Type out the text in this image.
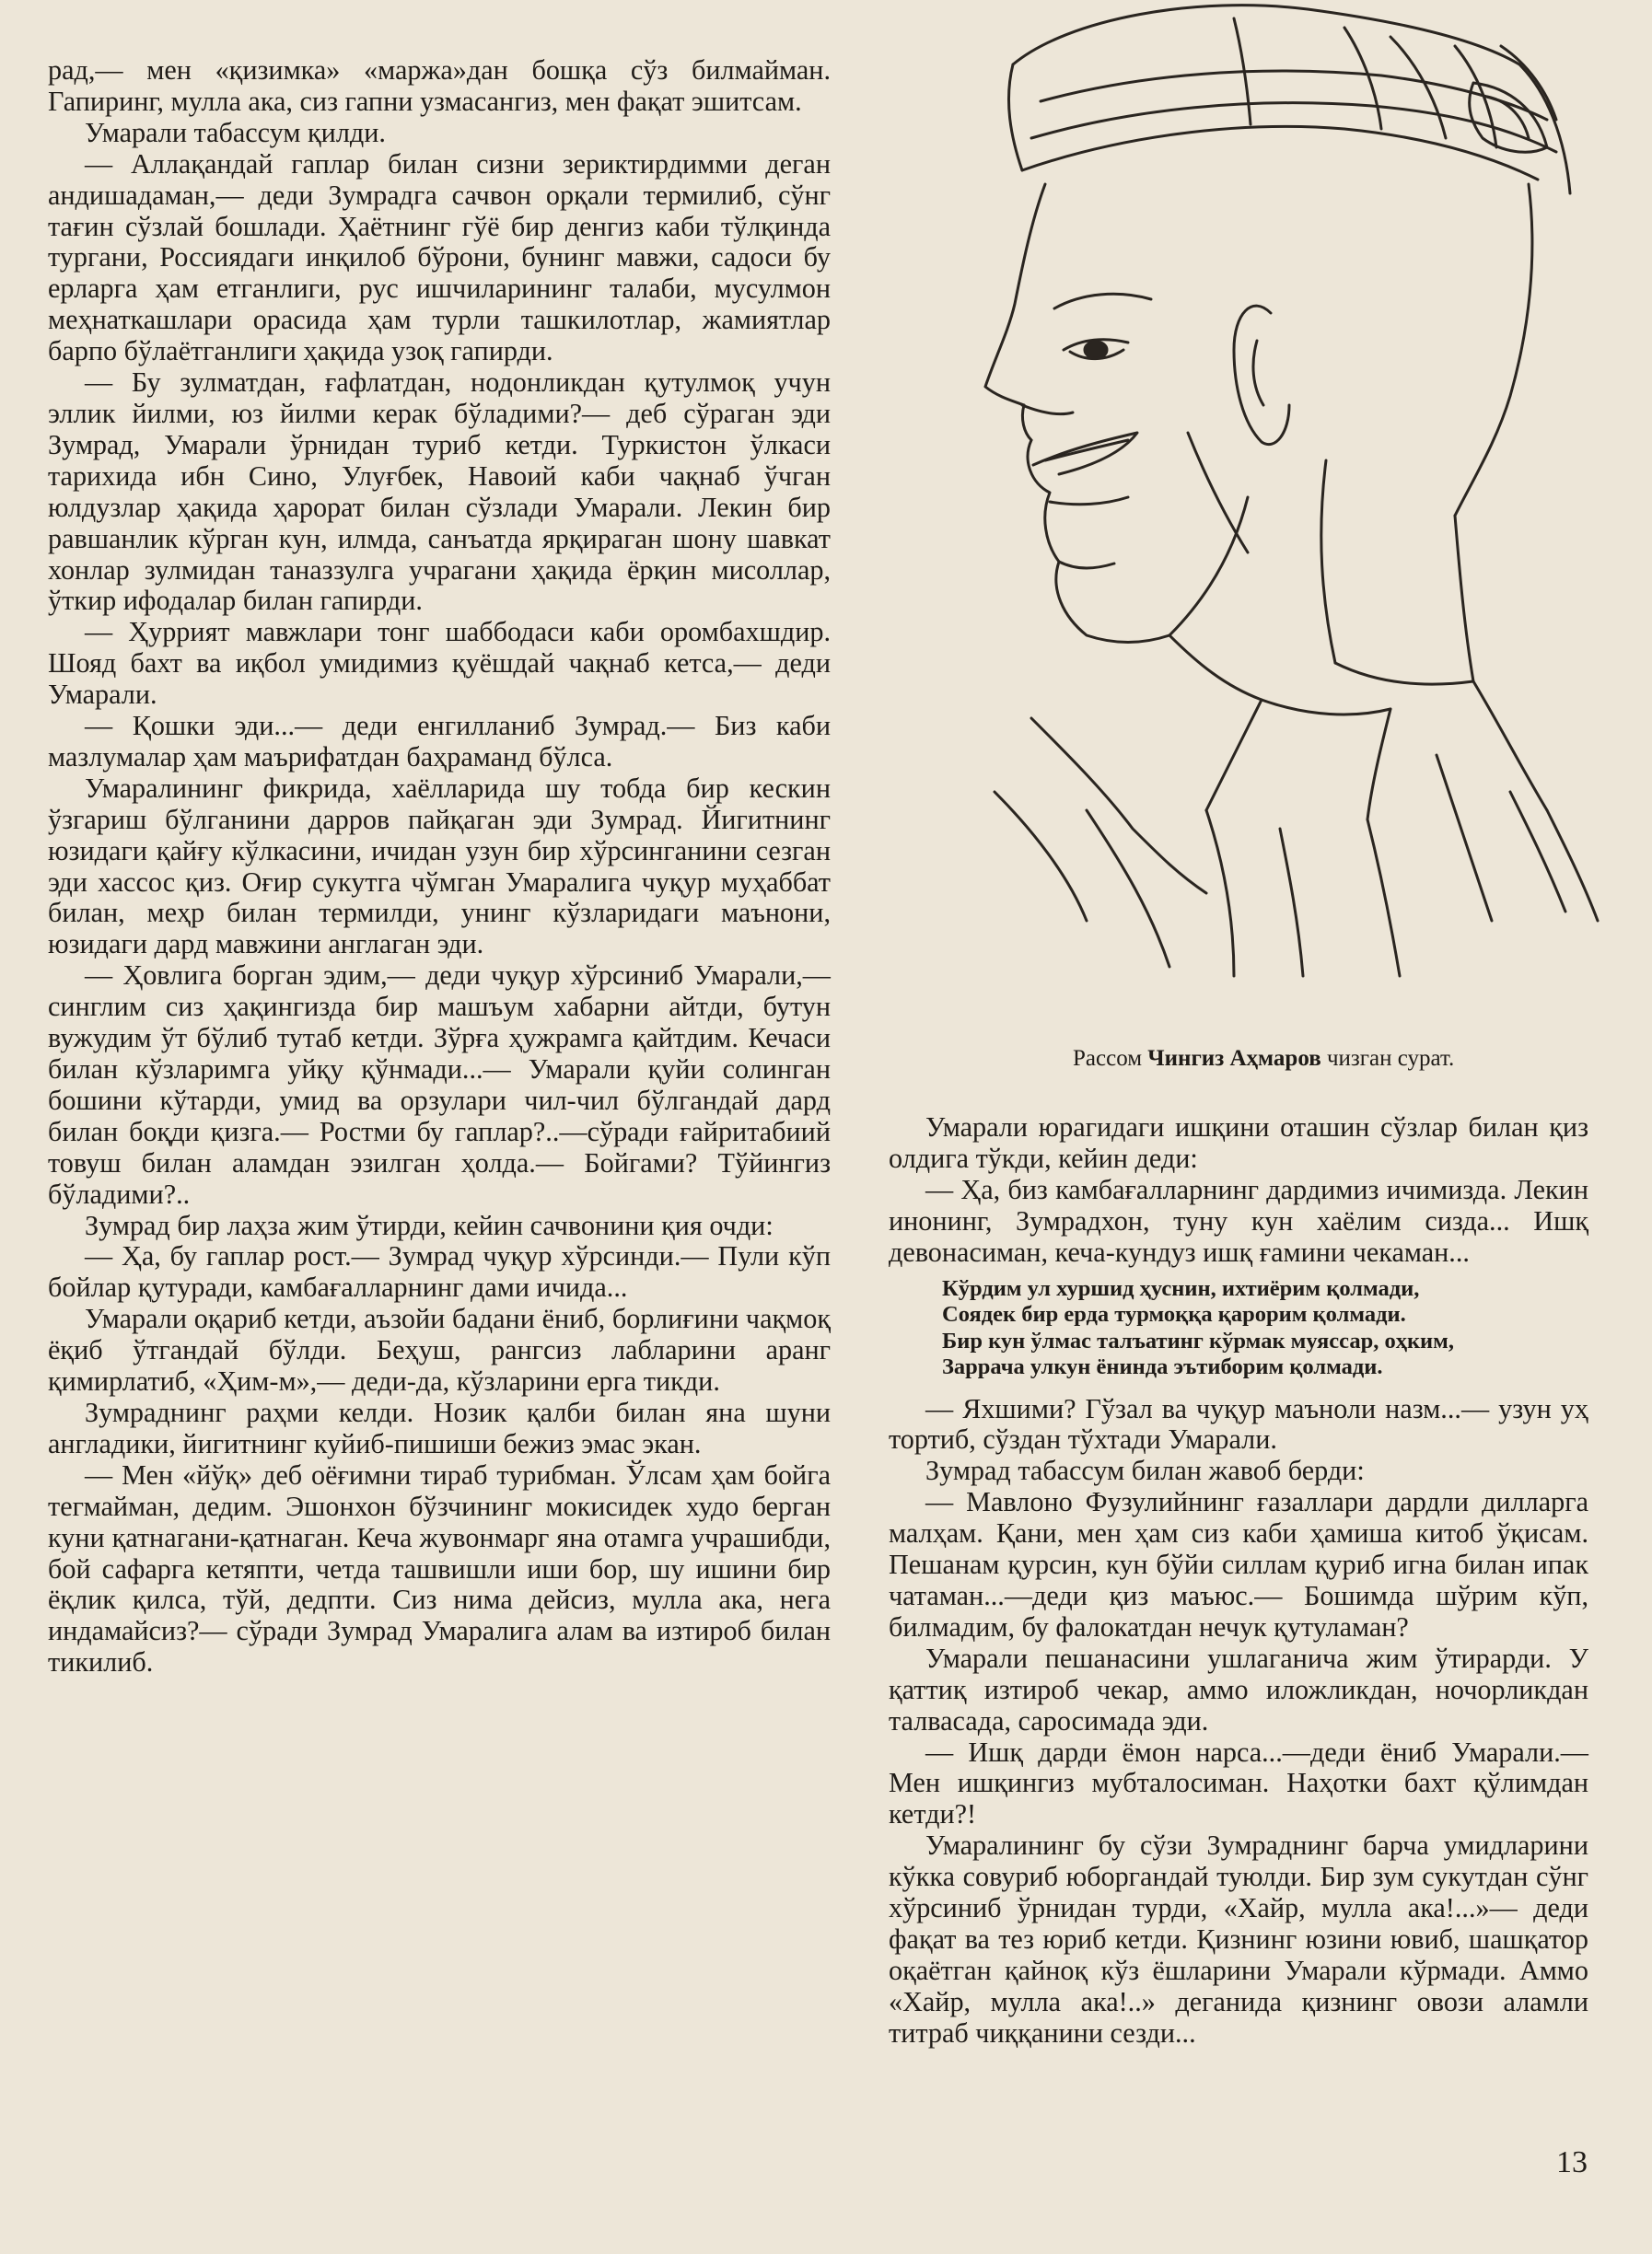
рад,— мен «қизимка» «маржа»дан бошқа сўз билмайман. Гапиринг, мулла ака, сиз гапни узмасангиз, мен фақат эшитсам.

Умарали табассум қилди.

— Аллақандай гаплар билан сизни зериктирдимми деган андишадаман,— деди Зумрадга сачвон орқали термилиб, сўнг тағин сўзлай бошлади. Ҳаётнинг гўё бир денгиз каби тўлқинда тургани, Россиядаги инқилоб бўрони, бунинг мавжи, садоси бу ерларга ҳам етганлиги, рус ишчиларининг талаби, мусулмон меҳнаткашлари орасида ҳам турли ташкилотлар, жамиятлар барпо бўлаётганлиги ҳақида узоқ гапирди.

— Бу зулматдан, ғафлатдан, нодонликдан қутулмоқ учун эллик йилми, юз йилми керак бўладими?— деб сўраган эди Зумрад, Умарали ўрнидан туриб кетди. Туркистон ўлкаси тарихида ибн Сино, Улуғбек, Навоий каби чақнаб ўчган юлдузлар ҳақида ҳарорат билан сўзлади Умарали. Лекин бир равшанлик кўрган кун, илмда, санъатда ярқираган шону шавкат хонлар зулмидан таназзулга учрагани ҳақида ёрқин мисоллар, ўткир ифодалар билан гапирди.

— Ҳуррият мавжлари тонг шаббодаси каби оромбахшдир. Шояд бахт ва иқбол умидимиз қуёшдай чақнаб кетса,— деди Умарали.

— Қошки эди...— деди енгилланиб Зумрад.— Биз каби мазлумалар ҳам маърифатдан баҳраманд бўлса.

Умаралининг фикрида, хаёлларида шу тобда бир кескин ўзгариш бўлганини дарров пайқаган эди Зумрад. Йигитнинг юзидаги қайғу кўлкасини, ичидан узун бир хўрсинганини сезган эди хассос қиз. Оғир сукутга чўмган Умаралига чуқур муҳаббат билан, меҳр билан термилди, унинг кўзларидаги маънони, юзидаги дард мавжини англаган эди.

— Ҳовлига борган эдим,— деди чуқур хўрсиниб Умарали,— синглим сиз ҳақингизда бир машъум хабарни айтди, бутун вужудим ўт бўлиб тутаб кетди. Зўрға ҳужрамга қайтдим. Кечаси билан кўзларимга уйқу қўнмади...— Умарали қуйи солинган бошини кўтарди, умид ва орзулари чил-чил бўлгандай дард билан боқди қизга.— Ростми бу гаплар?..—сўради ғайритабиий товуш билан аламдан эзилган ҳолда.— Бойгами? Тўйингиз бўладими?..

Зумрад бир лаҳза жим ўтирди, кейин сачвонини қия очди:

— Ҳа, бу гаплар рост.— Зумрад чуқур хўрсинди.— Пули кўп бойлар қутуради, камбағалларнинг дами ичида...

Умарали оқариб кетди, аъзойи бадани ёниб, борлиғини чақмоқ ёқиб ўтгандай бўлди. Беҳуш, рангсиз лабларини аранг қимирлатиб, «Ҳим-м»,— деди-да, кўзларини ерга тикди.

Зумраднинг раҳми келди. Нозик қалби билан яна шуни англадики, йигитнинг куйиб-пишиши бежиз эмас экан.

— Мен «йўқ» деб оёғимни тираб турибман. Ўлсам ҳам бойга тегмайман, дедим. Эшонхон бўзчининг мокисидек худо берган куни қатнагани-қатнаган. Кеча жувонмарг яна отамга учрашибди, бой сафарга кетяпти, четда ташвишли иши бор, шу ишини бир ёқлик қилса, тўй, дедпти. Сиз нима дейсиз, мулла ака, нега индамайсиз?— сўради Зумрад Умаралига алам ва изтироб билан тикилиб.

Рассом Чингиз Аҳмаров чизган сурат.

Умарали юрагидаги ишқини оташин сўзлар билан қиз олдига тўкди, кейин деди:

— Ҳа, биз камбағалларнинг дардимиз ичимизда. Лекин инонинг, Зумрадхон, туну кун хаёлим сизда... Ишқ девонасиман, кеча-кундуз ишқ ғамини чекаман...

Кўрдим ул хуршид ҳуснин, ихтиёрим қолмади,
Соядек бир ерда турмоққа қарорим қолмади.
Бир кун ўлмас талъатинг кўрмак муяссар, оҳким,
Заррача улкун ёнинда эътиборим қолмади.

— Яхшими? Гўзал ва чуқур маъноли назм...— узун уҳ тортиб, сўздан тўхтади Умарали.

Зумрад табассум билан жавоб берди:

— Мавлоно Фузулийнинг ғазаллари дардли дилларга малҳам. Қани, мен ҳам сиз каби ҳамиша китоб ўқисам. Пешанам қурсин, кун бўйи силлам қуриб игна билан ипак чатаман...—деди қиз маъюс.— Бошимда шўрим кўп, билмадим, бу фалокатдан нечук қутуламан?

Умарали пешанасини ушлаганича жим ўтирарди. У қаттиқ изтироб чекар, аммо иложликдан, ночорликдан талвасада, саросимада эди.

— Ишқ дарди ёмон нарса...—деди ёниб Умарали.—Мен ишқингиз мубталосиман. Наҳотки бахт қўлимдан кетди?!

Умаралининг бу сўзи Зумраднинг барча умидларини кўкка совуриб юборгандай туюлди. Бир зум сукутдан сўнг хўрсиниб ўрнидан турди, «Хайр, мулла ака!...»— деди фақат ва тез юриб кетди. Қизнинг юзини ювиб, шашқатор оқаётган қайноқ кўз ёшларини Умарали кўрмади. Аммо «Хайр, мулла ака!..» деганида қизнинг овози аламли титраб чиққанини сезди...

13
